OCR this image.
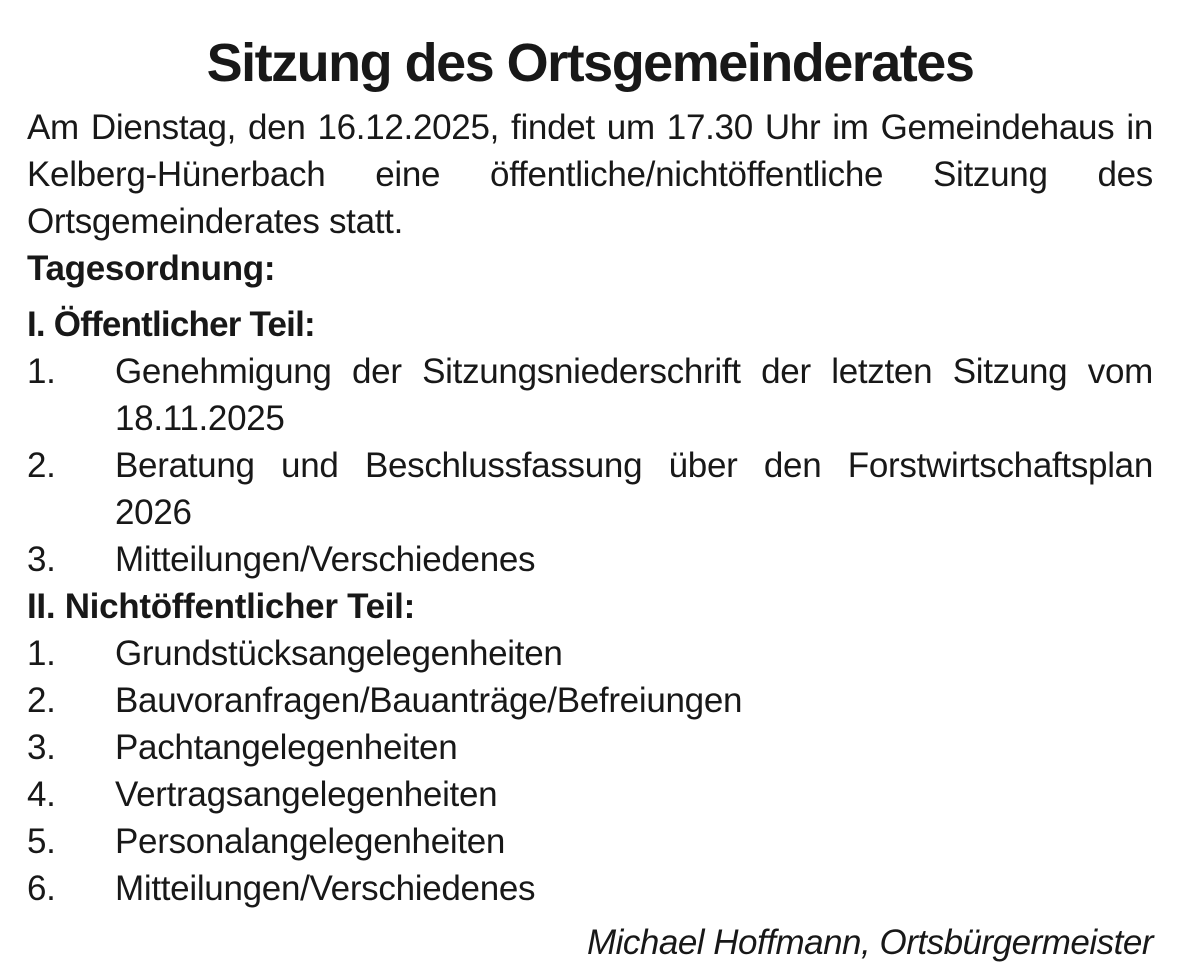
Sitzung des Ortsgemeinderates

Am Dienstag, den 16.12.2025, findet um 17.30 Uhr im Gemeindehaus in Kelberg-Hünerbach eine öffentliche/nichtöffentliche Sitzung des Ortsgemeinderates statt.

Tagesordnung:

I. Öffentlicher Teil:

1.	Genehmigung der Sitzungsniederschrift der letzten Sitzung vom 18.11.2025
2.	Beratung und Beschlussfassung über den Forstwirtschaftsplan 2026
3.	Mitteilungen/Verschiedenes

II. Nichtöffentlicher Teil:

1.	Grundstücksangelegenheiten
2.	Bauvoranfragen/Bauanträge/Befreiungen
3.	Pachtangelegenheiten
4.	Vertragsangelegenheiten
5.	Personalangelegenheiten
6.	Mitteilungen/Verschiedenes
Michael Hoffmann, Ortsbürgermeister
